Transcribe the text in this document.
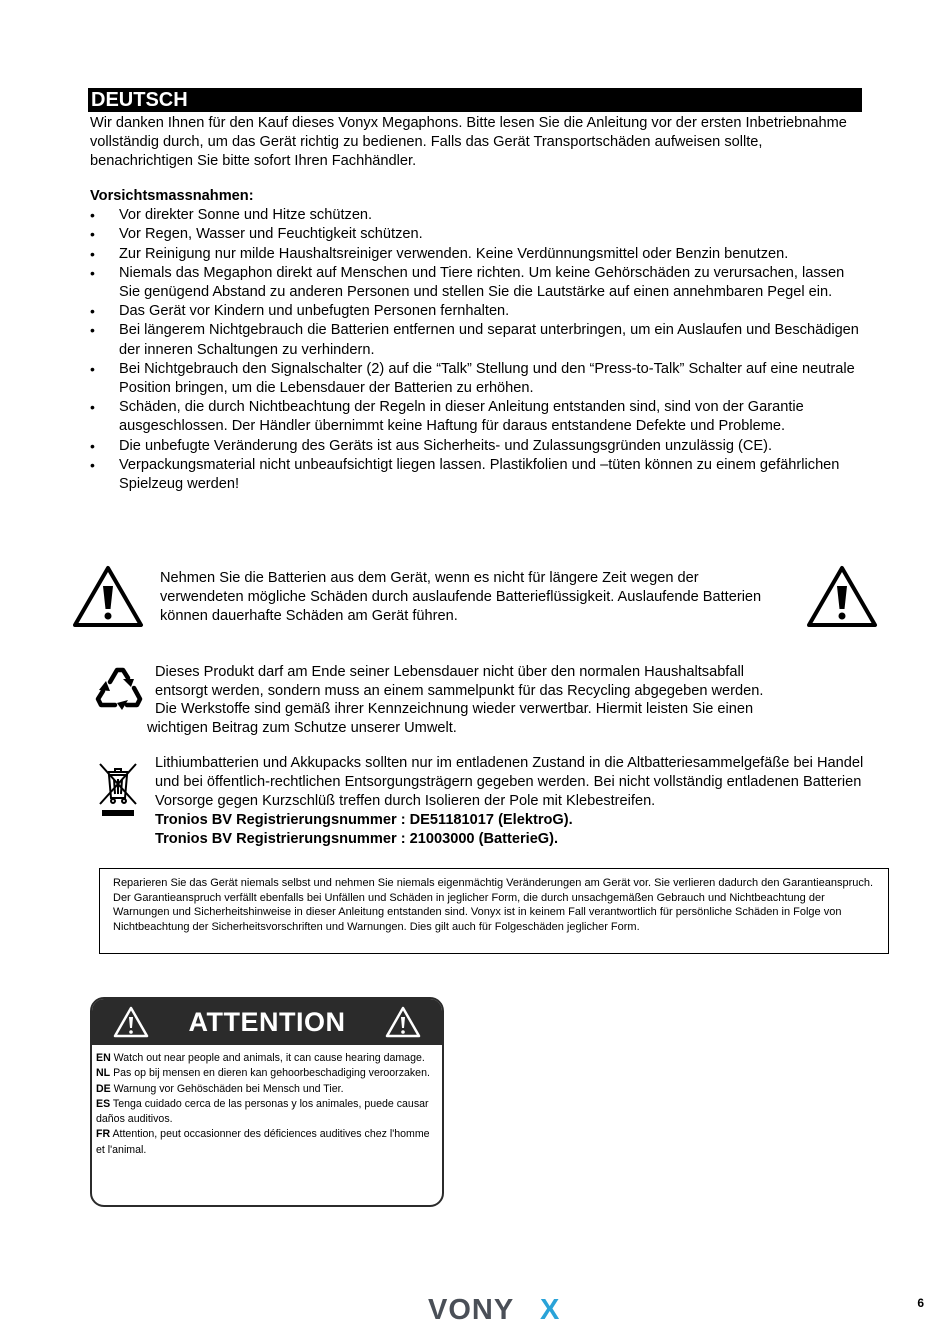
DEUTSCH
Wir danken Ihnen für den Kauf dieses Vonyx Megaphons. Bitte lesen Sie die Anleitung vor der ersten Inbetriebnahme vollständig durch, um das Gerät richtig zu bedienen. Falls das Gerät Transportschäden aufweisen sollte, benachrichtigen Sie bitte sofort Ihren Fachhändler.
Vorsichtsmassnahmen:
• Vor direkter Sonne und Hitze schützen.
• Vor Regen, Wasser und Feuchtigkeit schützen.
• Zur Reinigung nur milde Haushaltsreiniger verwenden. Keine Verdünnungsmittel oder Benzin benutzen.
• Niemals das Megaphon direkt auf Menschen und Tiere richten. Um keine Gehörschäden zu verursachen, lassen Sie genügend Abstand zu anderen Personen und stellen Sie die Lautstärke auf einen annehmbaren Pegel ein.
• Das Gerät vor Kindern und unbefugten Personen fernhalten.
• Bei längerem Nichtgebrauch die Batterien entfernen und separat unterbringen, um ein Auslaufen und Beschädigen der inneren Schaltungen zu verhindern.
• Bei Nichtgebrauch den Signalschalter (2) auf die “Talk” Stellung und den “Press-to-Talk” Schalter auf eine neutrale Position bringen, um die Lebensdauer der Batterien zu erhöhen.
• Schäden, die durch Nichtbeachtung der Regeln in dieser Anleitung entstanden sind, sind von der Garantie ausgeschlossen. Der Händler übernimmt keine Haftung für daraus entstandene Defekte und Probleme.
• Die unbefugte Veränderung des Geräts ist aus Sicherheits- und Zulassungsgründen unzulässig (CE).
• Verpackungsmaterial nicht unbeaufsichtigt liegen lassen. Plastikfolien und –tüten können zu einem gefährlichen Spielzeug werden!
Nehmen Sie die Batterien aus dem Gerät, wenn es nicht für längere Zeit wegen der verwendeten mögliche Schäden durch auslaufende Batterieflüssigkeit. Auslaufende Batterien können dauerhafte Schäden am Gerät führen.
Dieses Produkt darf am Ende seiner Lebensdauer nicht über den normalen Haushaltsabfall
entsorgt werden, sondern muss an einem sammelpunkt für das Recycling abgegeben werden.
Die Werkstoffe sind gemäß ihrer Kennzeichnung wieder verwertbar. Hiermit leisten Sie einen
wichtigen Beitrag zum Schutze unserer Umwelt.
Lithiumbatterien und Akkupacks sollten nur im entladenen Zustand in die Altbatteriesammelgefäße bei Handel und bei öffentlich-rechtlichen Entsorgungsträgern gegeben werden. Bei nicht vollständig entladenen Batterien Vorsorge gegen Kurzschlüß treffen durch Isolieren der Pole mit Klebestreifen.
Tronios BV Registrierungsnummer : DE51181017 (ElektroG).
Tronios BV Registrierungsnummer : 21003000 (BatterieG).

Reparieren Sie das Gerät niemals selbst und nehmen Sie niemals eigenmächtig Veränderungen am Gerät vor. Sie verlieren dadurch den Garantieanspruch. Der Garantieanspruch verfällt ebenfalls bei Unfällen und Schäden in jeglicher Form, die durch unsachgemäßen Gebrauch und Nichtbeachtung der Warnungen und Sicherheitshinweise in dieser Anleitung entstanden sind. Vonyx ist in keinem Fall verantwortlich für persönliche Schäden in Folge von Nichtbeachtung der Sicherheitsvorschriften und Warnungen. Dies gilt auch für Folgeschäden jeglicher Form.

ATTENTION
EN Watch out near people and animals, it can cause hearing damage.
NL Pas op bij mensen en dieren kan gehoorbeschadiging veroorzaken.
DE Warnung vor Gehöschäden bei Mensch und Tier.
ES Tenga cuidado cerca de las personas y los animales, puede causar daños auditivos.
FR Attention, peut occasionner des déficiences auditives chez l'homme et l'animal.
VONY X	6
